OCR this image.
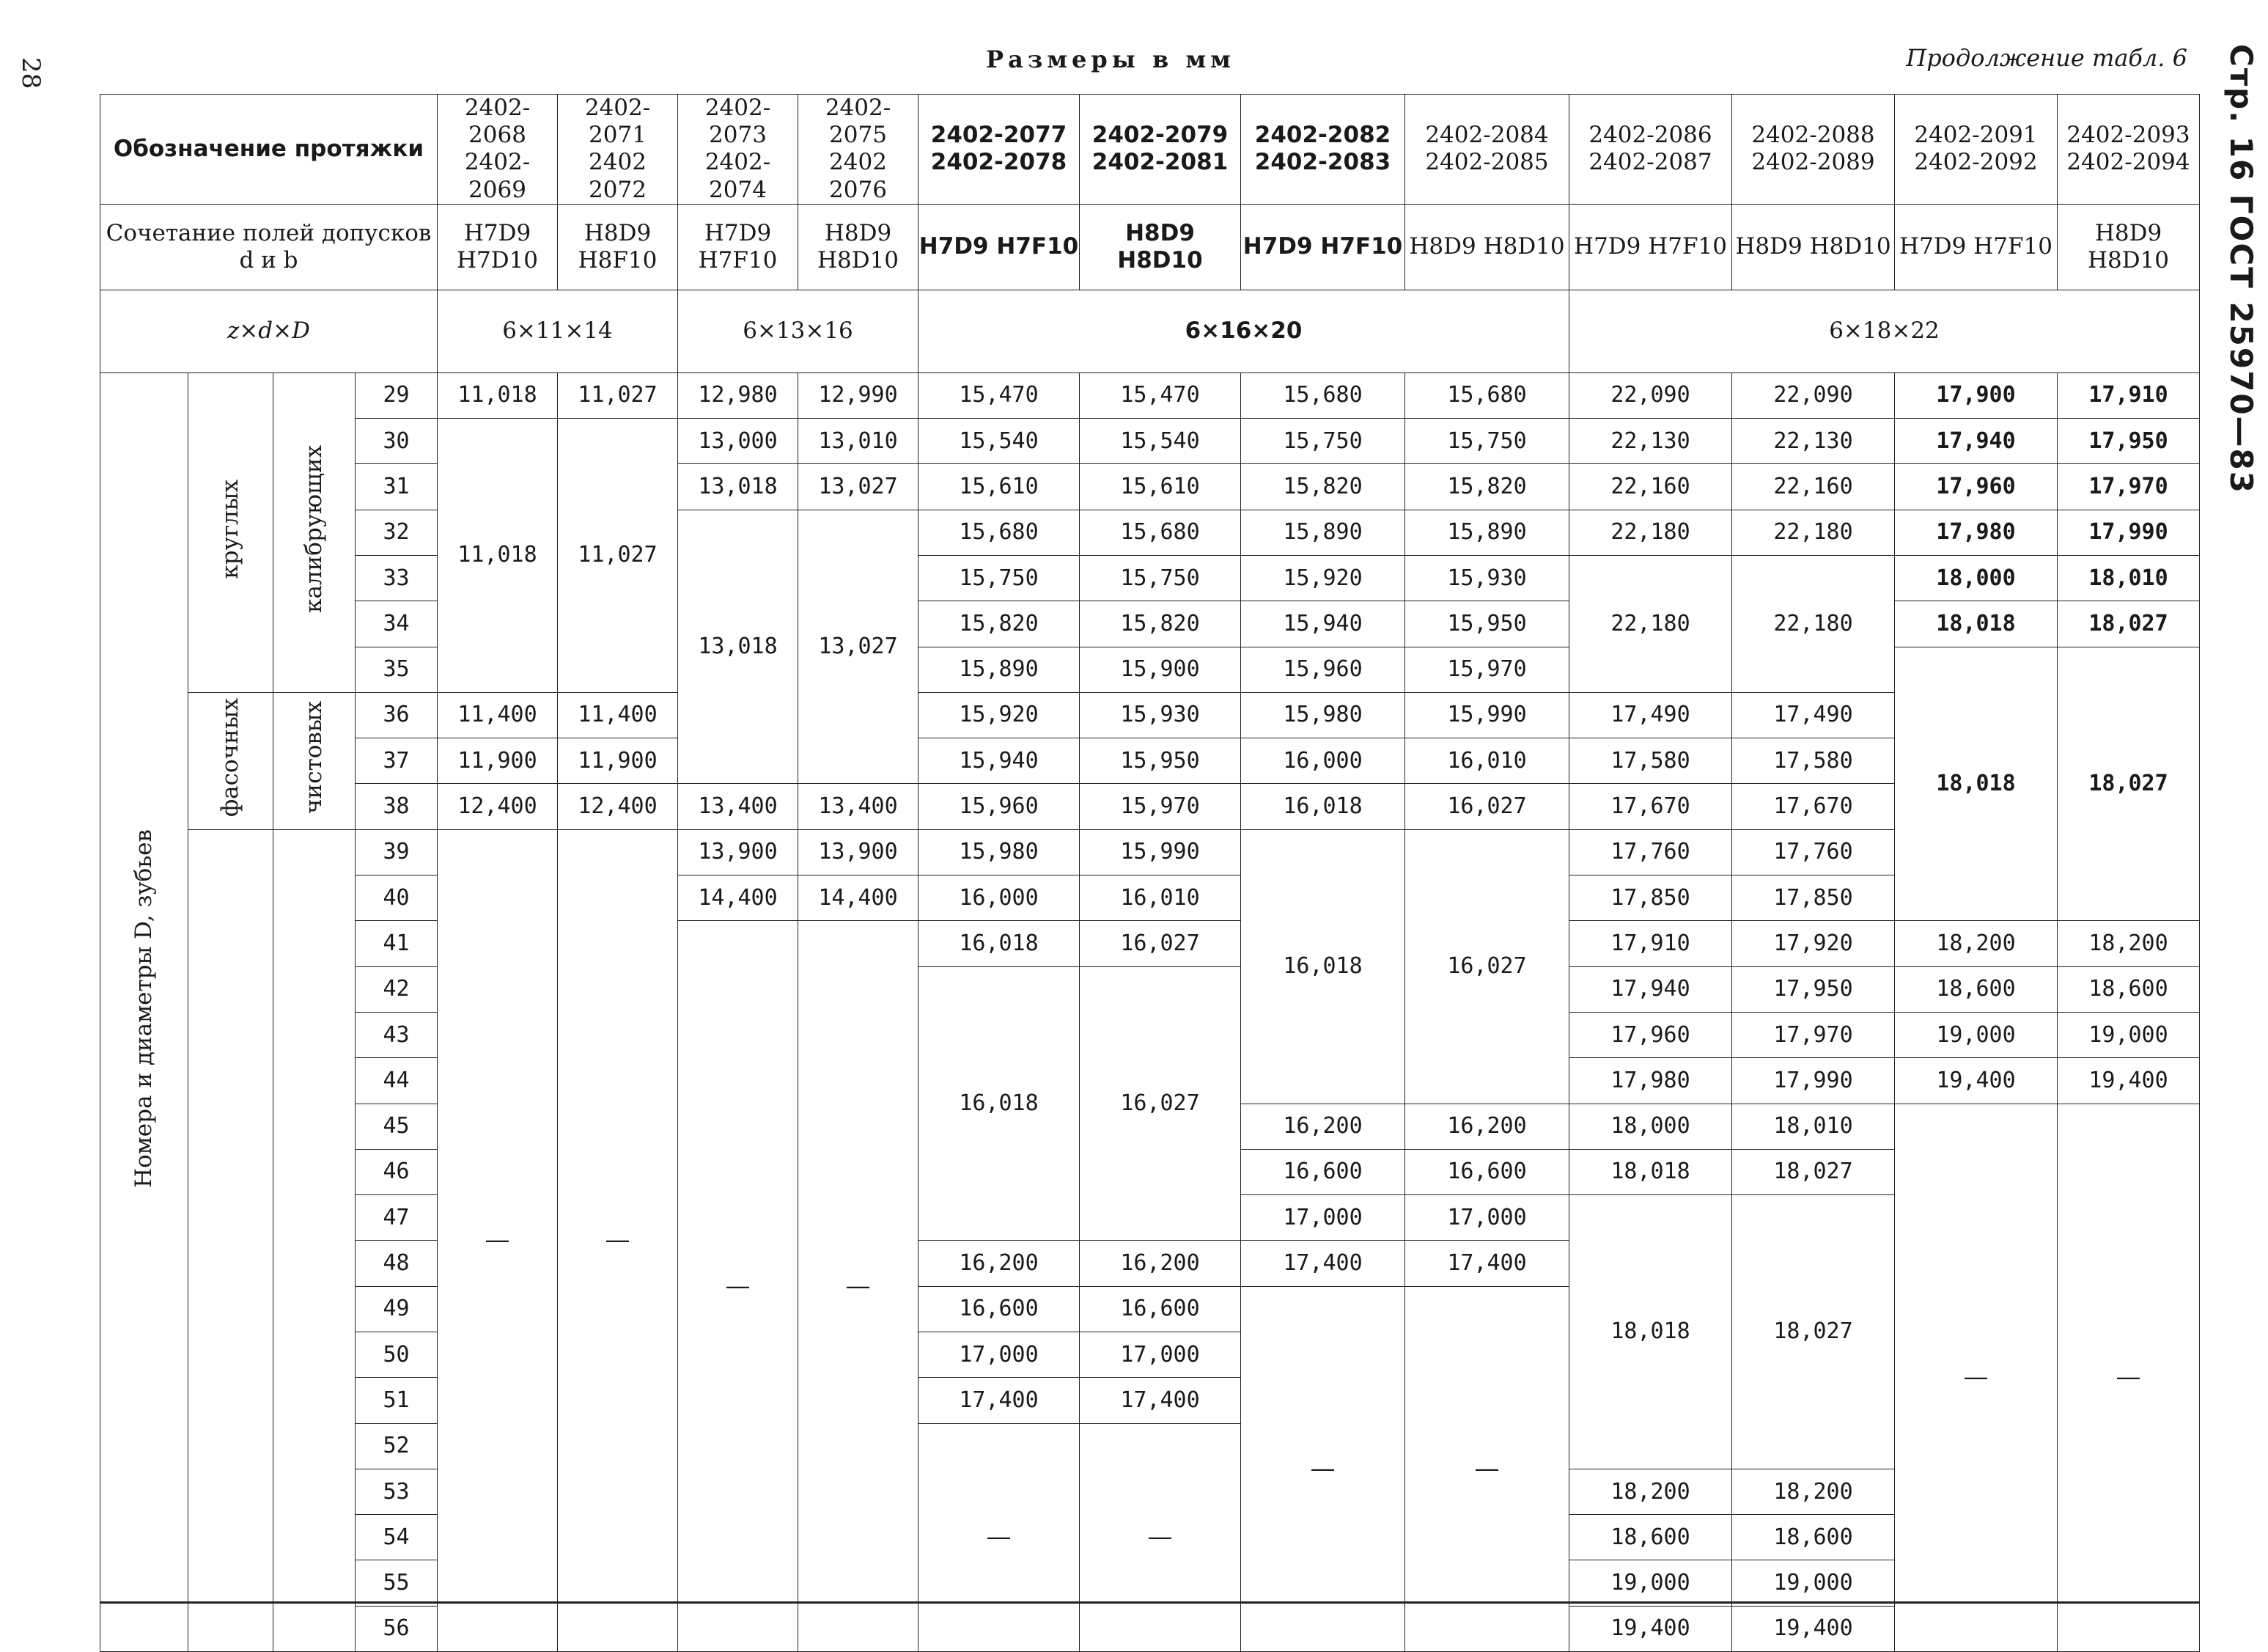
28	Размеры в мм	Продолжение табл. 6 Стр. 16 ГОСТ 25970—83
Обозначение протяжки				2402-2068 2402-2069	2402-2071 2402 2072	2402-2073 2402-2074	2402-2075 2402 2076	2402-2077 2402-2078	2402-2079 2402-2081	2402-2082 2402-2083	2402-2084 2402-2085	2402-2086 2402-2087	2402-2088 2402-2089	2402-2091 2402-2092	2402-2093 2402-2094
Сочетание полей допусков d и b				H7D9 H7D10	H8D9 H8F10	H7D9 H7F10	H8D9 H8D10	H7D9 H7F10	H8D9 H8D10	H7D9 H7F10	H8D9 H8D10	H7D9 H7F10	H8D9 H8D10	H7D9 H7F10	H8D9 H8D10
z×d×D				6×11×14		6×13×16		6×16×20				6×18×22			
Номера и диаметры D, зубьев	круглых	калибрующих	29	11,018	11,027	12,980	12,990	15,470	15,470	15,680	15,680	22,090	22,090	17,900	17,910
			30	11,018	11,027	13,000	13,010	15,540	15,540	15,750	15,750	22,130	22,130	17,940	17,950
			31			13,018	13,027	15,610	15,610	15,820	15,820	22,160	22,160	17,960	17,970
			32			13,018	13,027	15,680	15,680	15,890	15,890	22,180	22,180	17,980	17,990
			33					15,750	15,750	15,920	15,930	22,180	22,180	18,000	18,010
			34					15,820	15,820	15,940	15,950			18,018	18,027
			35					15,890	15,900	15,960	15,970			18,018	18,027
	фасочных	чистовых	36	11,400	11,400			15,920	15,930	15,980	15,990	17,490	17,490		
			37	11,900	11,900			15,940	15,950	16,000	16,010	17,580	17,580		
			38	12,400	12,400	13,400	13,400	15,960	15,970	16,018	16,027	17,670	17,670		
			39	—	—	13,900	13,900	15,980	15,990	16,018	16,027	17,760	17,760		
			40			14,400	14,400	16,000	16,010			17,850	17,850		
			41			—	—	16,018	16,027			17,910	17,920	18,200	18,200
			42					16,018	16,027			17,940	17,950	18,600	18,600
			43									17,960	17,970	19,000	19,000
			44									17,980	17,990	19,400	19,400
			45							16,200	16,200	18,000	18,010	—	—
			46							16,600	16,600	18,018	18,027		
			47							17,000	17,000	18,018	18,027		
			48					16,200	16,200	17,400	17,400				
			49					16,600	16,600	—	—				
			50					17,000	17,000						
			51					17,400	17,400						
			52					—	—						
			53									18,200	18,200		
			54									18,600	18,600		
			55									19,000	19,000		
			56									19,400	19,400		
